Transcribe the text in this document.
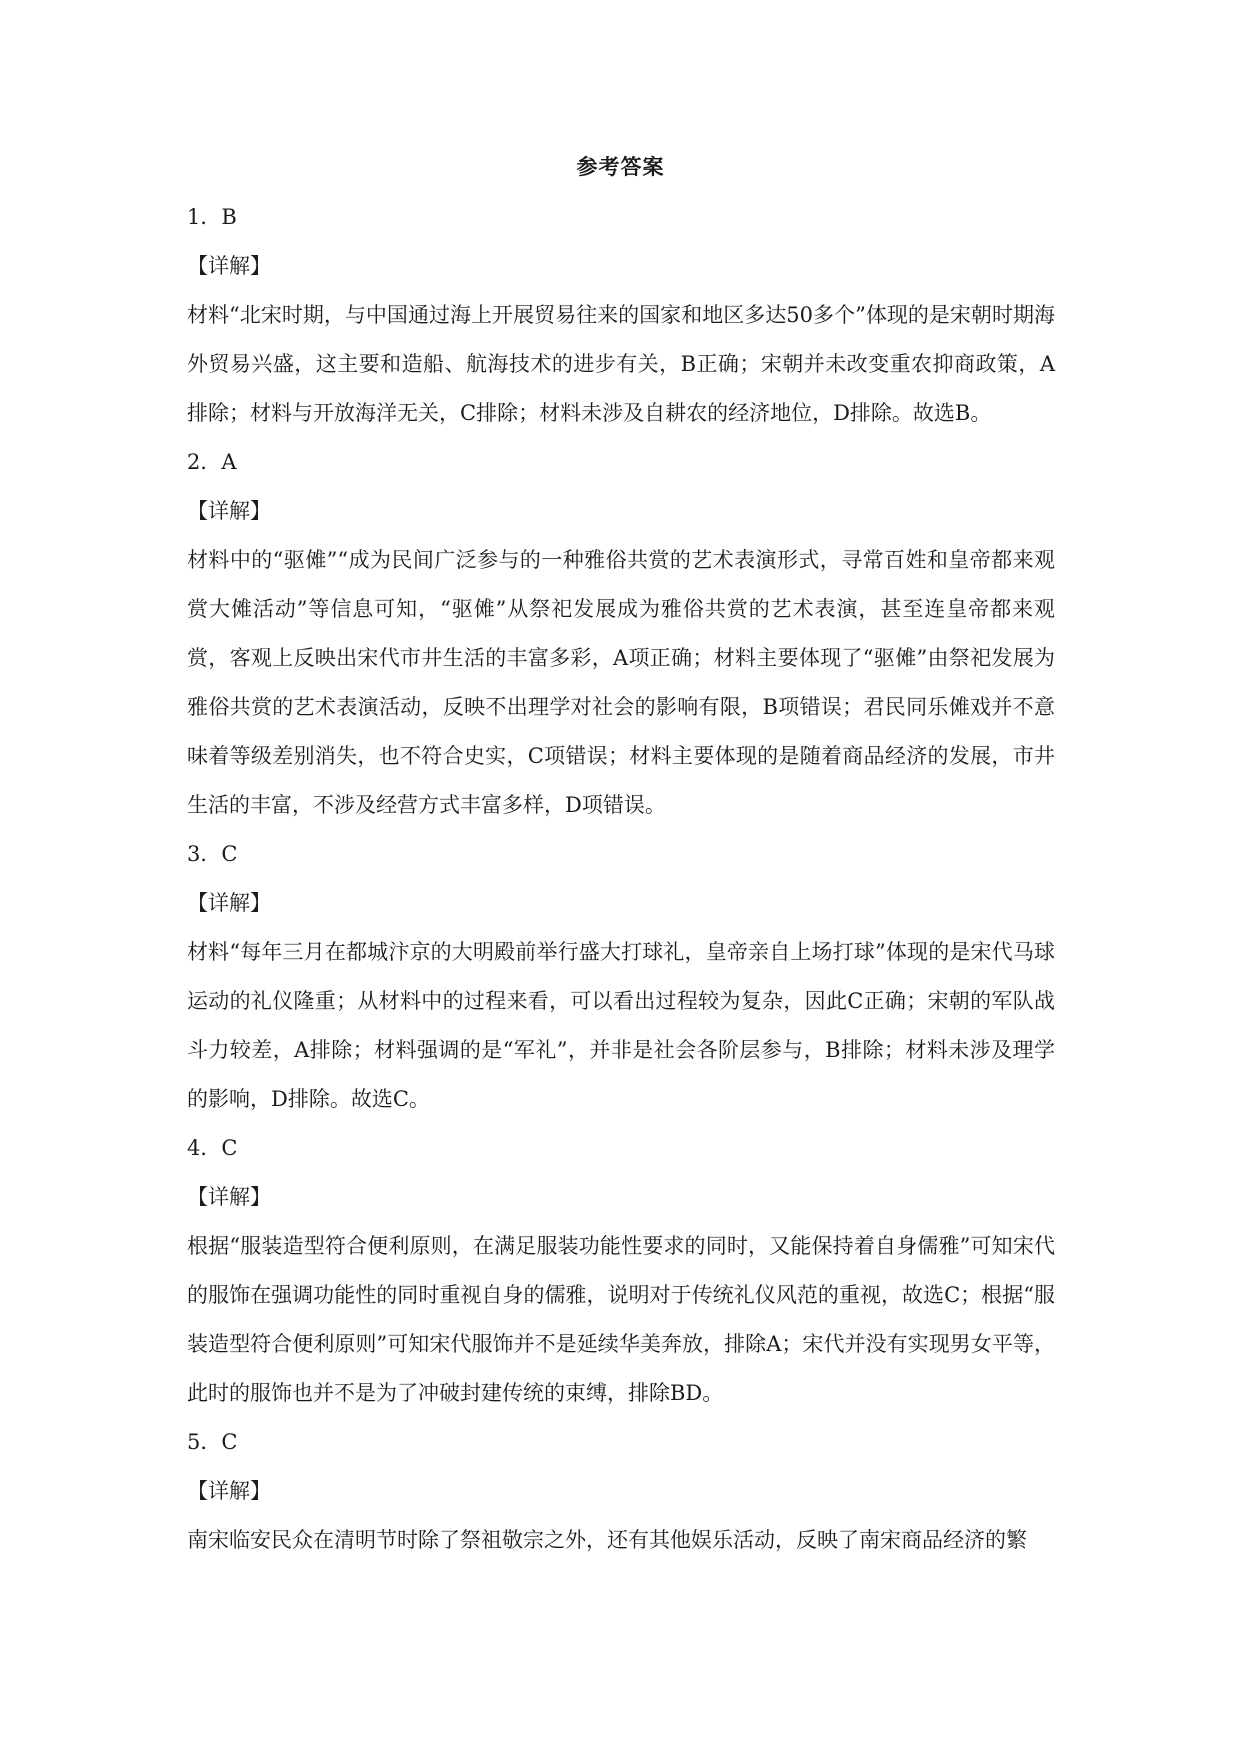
参考答案
1．B
【详解】
材料“北宋时期，与中国通过海上开展贸易往来的国家和地区多达50多个”体现的是宋朝时期海外贸易兴盛，这主要和造船、航海技术的进步有关，B正确；宋朝并未改变重农抑商政策，A排除；材料与开放海洋无关，C排除；材料未涉及自耕农的经济地位，D排除。故选B。
2．A
【详解】
材料中的“驱傩”“成为民间广泛参与的一种雅俗共赏的艺术表演形式，寻常百姓和皇帝都来观赏大傩活动”等信息可知，“驱傩”从祭祀发展成为雅俗共赏的艺术表演，甚至连皇帝都来观赏，客观上反映出宋代市井生活的丰富多彩，A项正确；材料主要体现了“驱傩”由祭祀发展为雅俗共赏的艺术表演活动，反映不出理学对社会的影响有限，B项错误；君民同乐傩戏并不意味着等级差别消失，也不符合史实，C项错误；材料主要体现的是随着商品经济的发展，市井生活的丰富，不涉及经营方式丰富多样，D项错误。
3．C
【详解】
材料“每年三月在都城汴京的大明殿前举行盛大打球礼，皇帝亲自上场打球”体现的是宋代马球运动的礼仪隆重；从材料中的过程来看，可以看出过程较为复杂，因此C正确；宋朝的军队战斗力较差，A排除；材料强调的是“军礼”，并非是社会各阶层参与，B排除；材料未涉及理学的影响，D排除。故选C。
4．C
【详解】
根据“服装造型符合便利原则，在满足服装功能性要求的同时，又能保持着自身儒雅”可知宋代的服饰在强调功能性的同时重视自身的儒雅，说明对于传统礼仪风范的重视，故选C；根据“服装造型符合便利原则”可知宋代服饰并不是延续华美奔放，排除A；宋代并没有实现男女平等，此时的服饰也并不是为了冲破封建传统的束缚，排除BD。
5．C
【详解】
南宋临安民众在清明节时除了祭祖敬宗之外，还有其他娱乐活动，反映了南宋商品经济的繁
